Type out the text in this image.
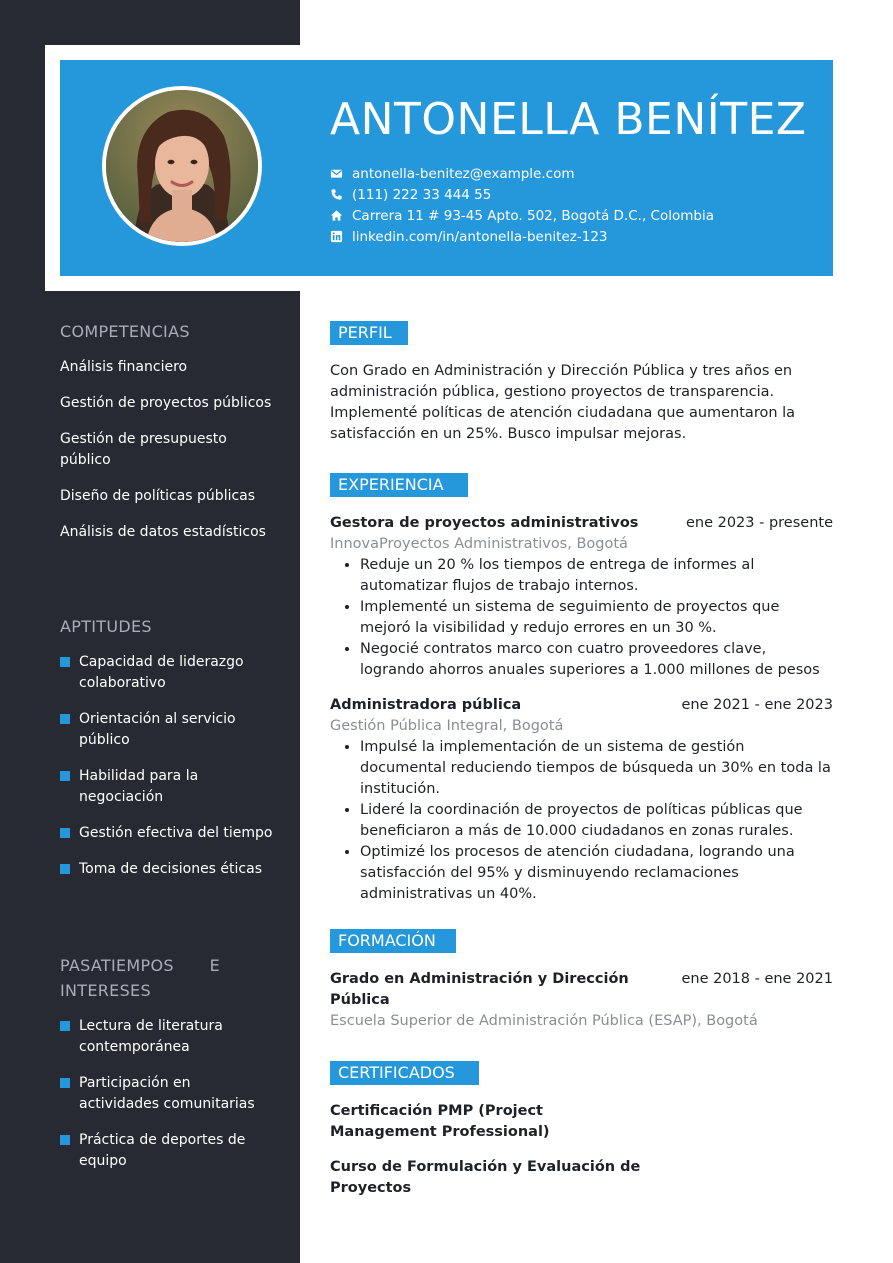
ANTONELLA BENÍTEZ
antonella-benitez@example.com
(111) 222 33 444 55
Carrera 11 # 93-45 Apto. 502, Bogotá D.C., Colombia
linkedin.com/in/antonella-benitez-123
COMPETENCIAS
Análisis financiero
Gestión de proyectos públicos
Gestión de presupuesto público
Diseño de políticas públicas
Análisis de datos estadísticos
APTITUDES
Capacidad de liderazgo colaborativo
Orientación al servicio público
Habilidad para la negociación
Gestión efectiva del tiempo
Toma de decisiones éticas
PASATIEMPOS E INTERESES
Lectura de literatura contemporánea
Participación en actividades comunitarias
Práctica de deportes de equipo
PERFIL
Con Grado en Administración y Dirección Pública y tres años en administración pública, gestiono proyectos de transparencia. Implementé políticas de atención ciudadana que aumentaron la satisfacción en un 25%. Busco impulsar mejoras.
EXPERIENCIA
Gestora de proyectos administrativos	ene 2023 - presente
InnovaProyectos Administrativos, Bogotá
• Reduje un 20 % los tiempos de entrega de informes al automatizar flujos de trabajo internos.
• Implementé un sistema de seguimiento de proyectos que mejoró la visibilidad y redujo errores en un 30 %.
• Negocié contratos marco con cuatro proveedores clave, logrando ahorros anuales superiores a 1.000 millones de pesos
Administradora pública	ene 2021 - ene 2023
Gestión Pública Integral, Bogotá
• Impulsé la implementación de un sistema de gestión documental reduciendo tiempos de búsqueda un 30% en toda la institución.
• Lideré la coordinación de proyectos de políticas públicas que beneficiaron a más de 10.000 ciudadanos en zonas rurales.
• Optimizé los procesos de atención ciudadana, logrando una satisfacción del 95% y disminuyendo reclamaciones administrativas un 40%.
FORMACIÓN
Grado en Administración y Dirección Pública
ene 2018 - ene 2021
Escuela Superior de Administración Pública (ESAP), Bogotá
CERTIFICADOS
Certificación PMP (Project Management Professional)
Curso de Formulación y Evaluación de Proyectos
